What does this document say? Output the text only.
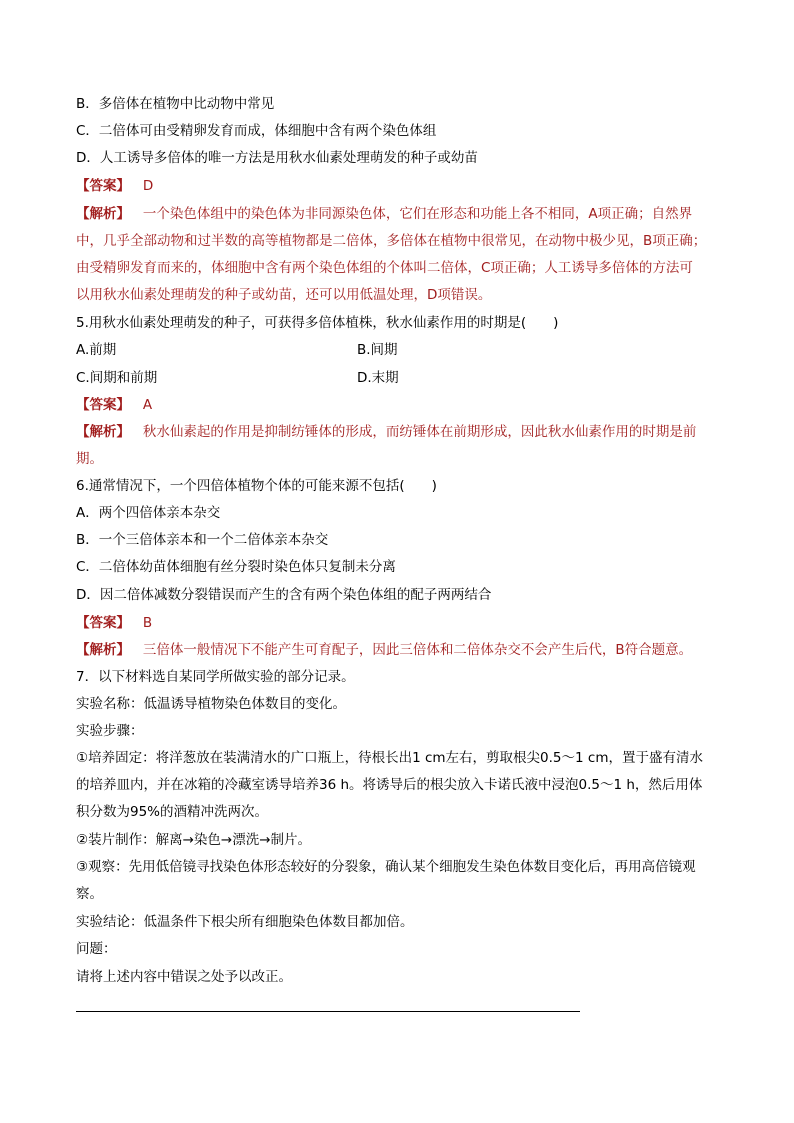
B．多倍体在植物中比动物中常见
C．二倍体可由受精卵发育而成，体细胞中含有两个染色体组
D．人工诱导多倍体的唯一方法是用秋水仙素处理萌发的种子或幼苗
【答案】 D
【解析】 一个染色体组中的染色体为非同源染色体，它们在形态和功能上各不相同，A项正确；自然界
中，几乎全部动物和过半数的高等植物都是二倍体，多倍体在植物中很常见，在动物中极少见，B项正确；
由受精卵发育而来的，体细胞中含有两个染色体组的个体叫二倍体，C项正确；人工诱导多倍体的方法可
以用秋水仙素处理萌发的种子或幼苗，还可以用低温处理，D项错误。
5.用秋水仙素处理萌发的种子，可获得多倍体植株，秋水仙素作用的时期是(　　)
A.前期	B.间期
C.间期和前期	D.末期
【答案】 A
【解析】 秋水仙素起的作用是抑制纺锤体的形成，而纺锤体在前期形成，因此秋水仙素作用的时期是前
期。
6.通常情况下，一个四倍体植物个体的可能来源不包括(　　)
A．两个四倍体亲本杂交
B．一个三倍体亲本和一个二倍体亲本杂交
C．二倍体幼苗体细胞有丝分裂时染色体只复制未分离
D．因二倍体减数分裂错误而产生的含有两个染色体组的配子两两结合
【答案】 B
【解析】 三倍体一般情况下不能产生可育配子，因此三倍体和二倍体杂交不会产生后代，B符合题意。
7．以下材料选自某同学所做实验的部分记录。
实验名称：低温诱导植物染色体数目的变化。
实验步骤：
①培养固定：将洋葱放在装满清水的广口瓶上，待根长出1 cm左右，剪取根尖0.5～1 cm，置于盛有清水
的培养皿内，并在冰箱的冷藏室诱导培养36 h。将诱导后的根尖放入卡诺氏液中浸泡0.5～1 h，然后用体
积分数为95%的酒精冲洗两次。
②装片制作：解离→染色→漂洗→制片。
③观察：先用低倍镜寻找染色体形态较好的分裂象，确认某个细胞发生染色体数目变化后，再用高倍镜观
察。
实验结论：低温条件下根尖所有细胞染色体数目都加倍。
问题：
请将上述内容中错误之处予以改正。
